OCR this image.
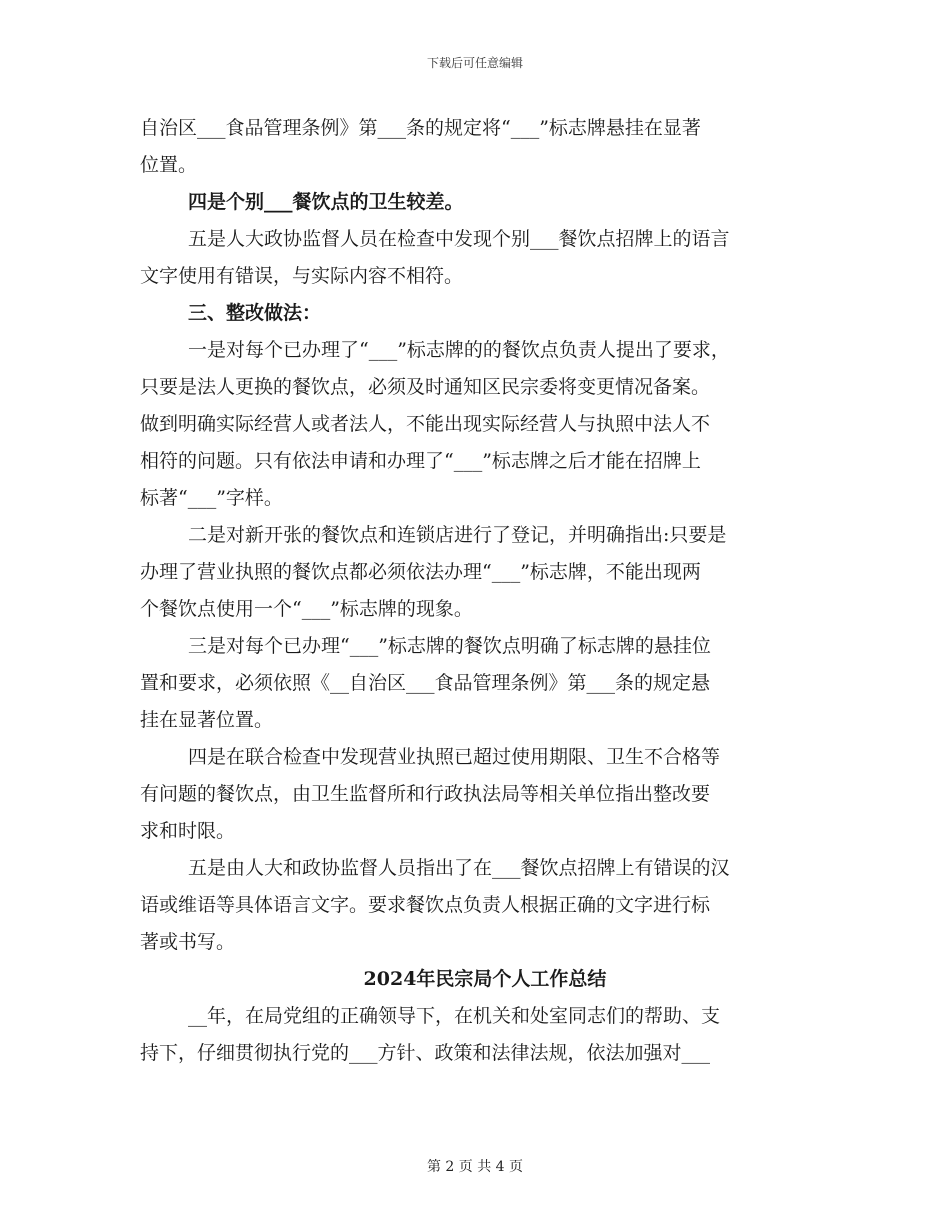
下载后可任意编辑
自治区___食品管理条例》第___条的规定将“___”标志牌悬挂在显著
位置。
四是个别___餐饮点的卫生较差。
五是人大政协监督人员在检查中发现个别___餐饮点招牌上的语言
文字使用有错误，与实际内容不相符。
三、整改做法：
一是对每个已办理了“___”标志牌的的餐饮点负责人提出了要求，
只要是法人更换的餐饮点，必须及时通知区民宗委将变更情况备案。
做到明确实际经营人或者法人，不能出现实际经营人与执照中法人不
相符的问题。只有依法申请和办理了“___”标志牌之后才能在招牌上
标著“___”字样。
二是对新开张的餐饮点和连锁店进行了登记，并明确指出:只要是
办理了营业执照的餐饮点都必须依法办理“___”标志牌，不能出现两
个餐饮点使用一个“___”标志牌的现象。
三是对每个已办理“___”标志牌的餐饮点明确了标志牌的悬挂位
置和要求，必须依照《__自治区___食品管理条例》第___条的规定悬
挂在显著位置。
四是在联合检查中发现营业执照已超过使用期限、卫生不合格等
有问题的餐饮点，由卫生监督所和行政执法局等相关单位指出整改要
求和时限。
五是由人大和政协监督人员指出了在___餐饮点招牌上有错误的汉
语或维语等具体语言文字。要求餐饮点负责人根据正确的文字进行标
著或书写。
2024年民宗局个人工作总结
__年，在局党组的正确领导下，在机关和处室同志们的帮助、支
持下，仔细贯彻执行党的___方针、政策和法律法规，依法加强对___
第 2 页 共 4 页
